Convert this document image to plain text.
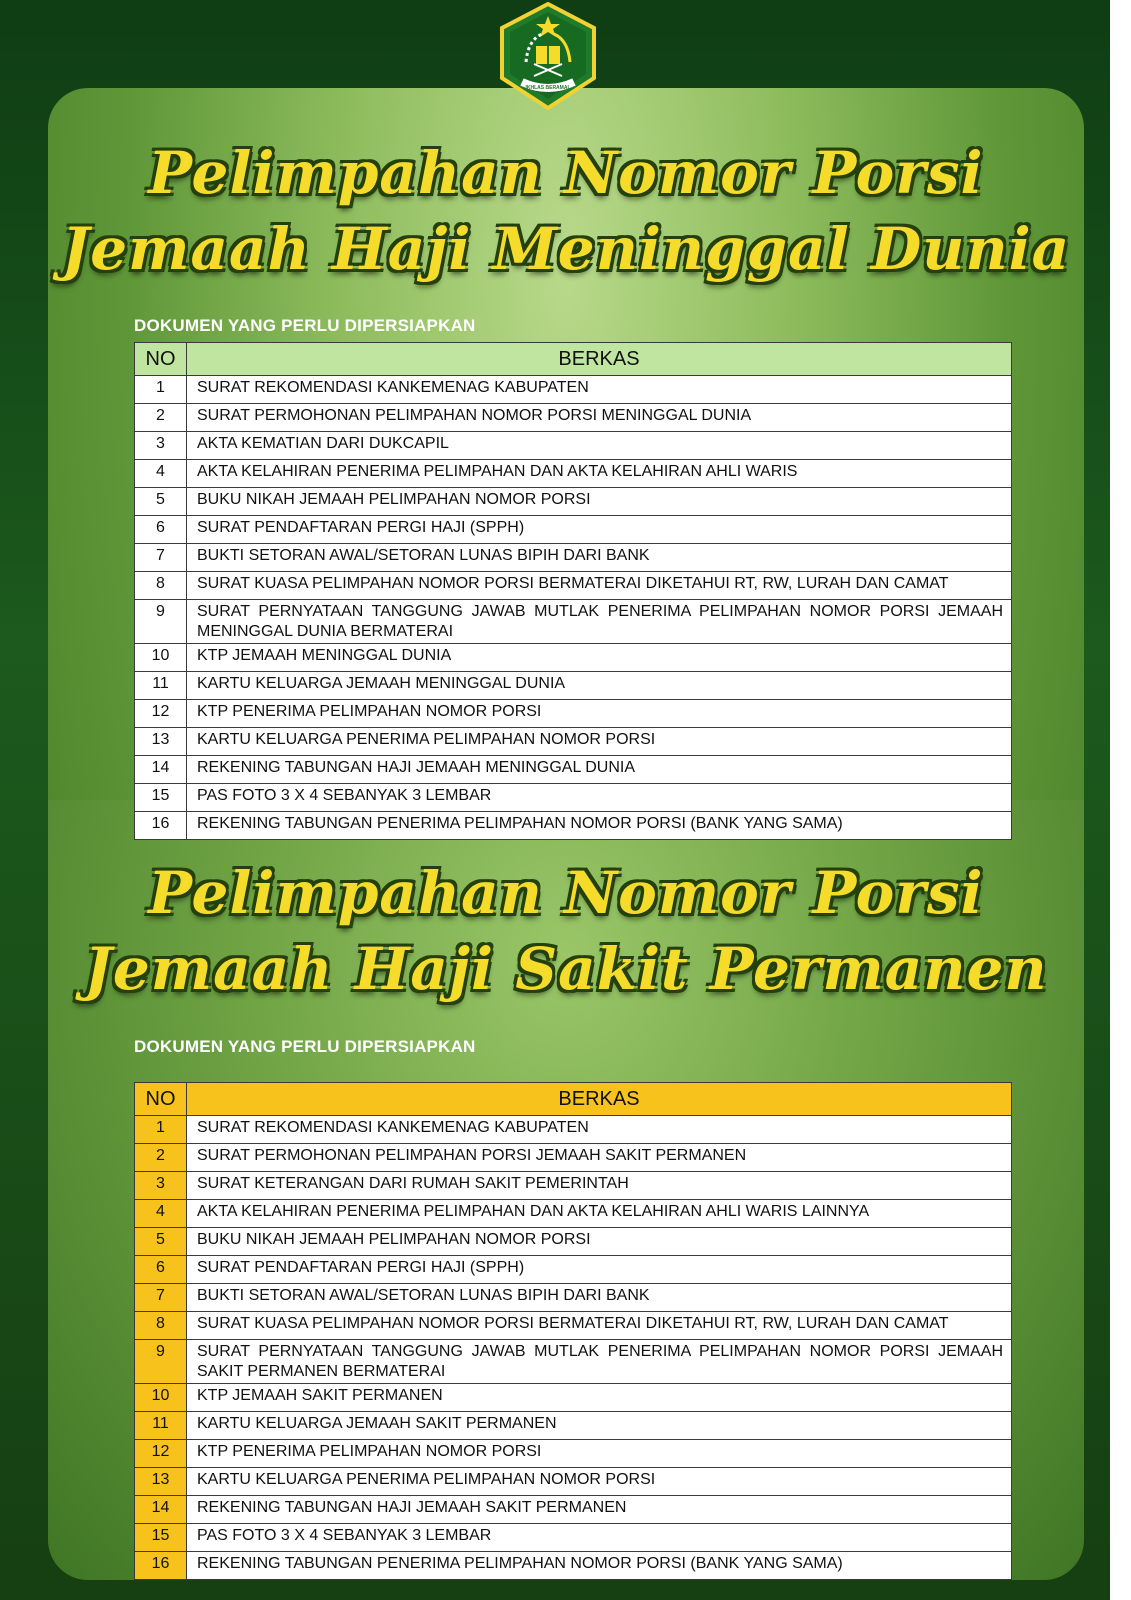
IKHLAS BERAMAL
Pelimpahan Nomor Porsi
Jemaah Haji Meninggal Dunia

DOKUMEN YANG PERLU DIPERSIAPKAN

NO	BERKAS
1	SURAT REKOMENDASI KANKEMENAG KABUPATEN
2	SURAT PERMOHONAN PELIMPAHAN NOMOR PORSI MENINGGAL DUNIA
3	AKTA KEMATIAN DARI DUKCAPIL
4	AKTA KELAHIRAN PENERIMA PELIMPAHAN DAN AKTA KELAHIRAN AHLI WARIS
5	BUKU NIKAH JEMAAH PELIMPAHAN NOMOR PORSI
6	SURAT PENDAFTARAN PERGI HAJI (SPPH)
7	BUKTI SETORAN AWAL/SETORAN LUNAS BIPIH DARI BANK
8	SURAT KUASA PELIMPAHAN NOMOR PORSI BERMATERAI DIKETAHUI RT, RW, LURAH DAN CAMAT
9	SURAT PERNYATAAN TANGGUNG JAWAB MUTLAK PENERIMA PELIMPAHAN NOMOR PORSI JEMAAH MENINGGAL DUNIA BERMATERAI
10	KTP JEMAAH MENINGGAL DUNIA
11	KARTU KELUARGA JEMAAH MENINGGAL DUNIA
12	KTP PENERIMA PELIMPAHAN NOMOR PORSI
13	KARTU KELUARGA PENERIMA PELIMPAHAN NOMOR PORSI
14	REKENING TABUNGAN HAJI JEMAAH MENINGGAL DUNIA
15	PAS FOTO 3 X 4 SEBANYAK 3 LEMBAR
16	REKENING TABUNGAN PENERIMA PELIMPAHAN NOMOR PORSI (BANK YANG SAMA)
Pelimpahan Nomor Porsi
Jemaah Haji Sakit Permanen

DOKUMEN YANG PERLU DIPERSIAPKAN

NO	BERKAS
1	SURAT REKOMENDASI KANKEMENAG KABUPATEN
2	SURAT PERMOHONAN PELIMPAHAN PORSI JEMAAH SAKIT PERMANEN
3	SURAT KETERANGAN DARI RUMAH SAKIT PEMERINTAH
4	AKTA KELAHIRAN PENERIMA PELIMPAHAN DAN AKTA KELAHIRAN AHLI WARIS LAINNYA
5	BUKU NIKAH JEMAAH PELIMPAHAN NOMOR PORSI
6	SURAT PENDAFTARAN PERGI HAJI (SPPH)
7	BUKTI SETORAN AWAL/SETORAN LUNAS BIPIH DARI BANK
8	SURAT KUASA PELIMPAHAN NOMOR PORSI BERMATERAI DIKETAHUI RT, RW, LURAH DAN CAMAT
9	SURAT PERNYATAAN TANGGUNG JAWAB MUTLAK PENERIMA PELIMPAHAN NOMOR PORSI JEMAAH SAKIT PERMANEN BERMATERAI
10	KTP JEMAAH SAKIT PERMANEN
11	KARTU KELUARGA JEMAAH SAKIT PERMANEN
12	KTP PENERIMA PELIMPAHAN NOMOR PORSI
13	KARTU KELUARGA PENERIMA PELIMPAHAN NOMOR PORSI
14	REKENING TABUNGAN HAJI JEMAAH SAKIT PERMANEN
15	PAS FOTO 3 X 4 SEBANYAK 3 LEMBAR
16	REKENING TABUNGAN PENERIMA PELIMPAHAN NOMOR PORSI (BANK YANG SAMA)
